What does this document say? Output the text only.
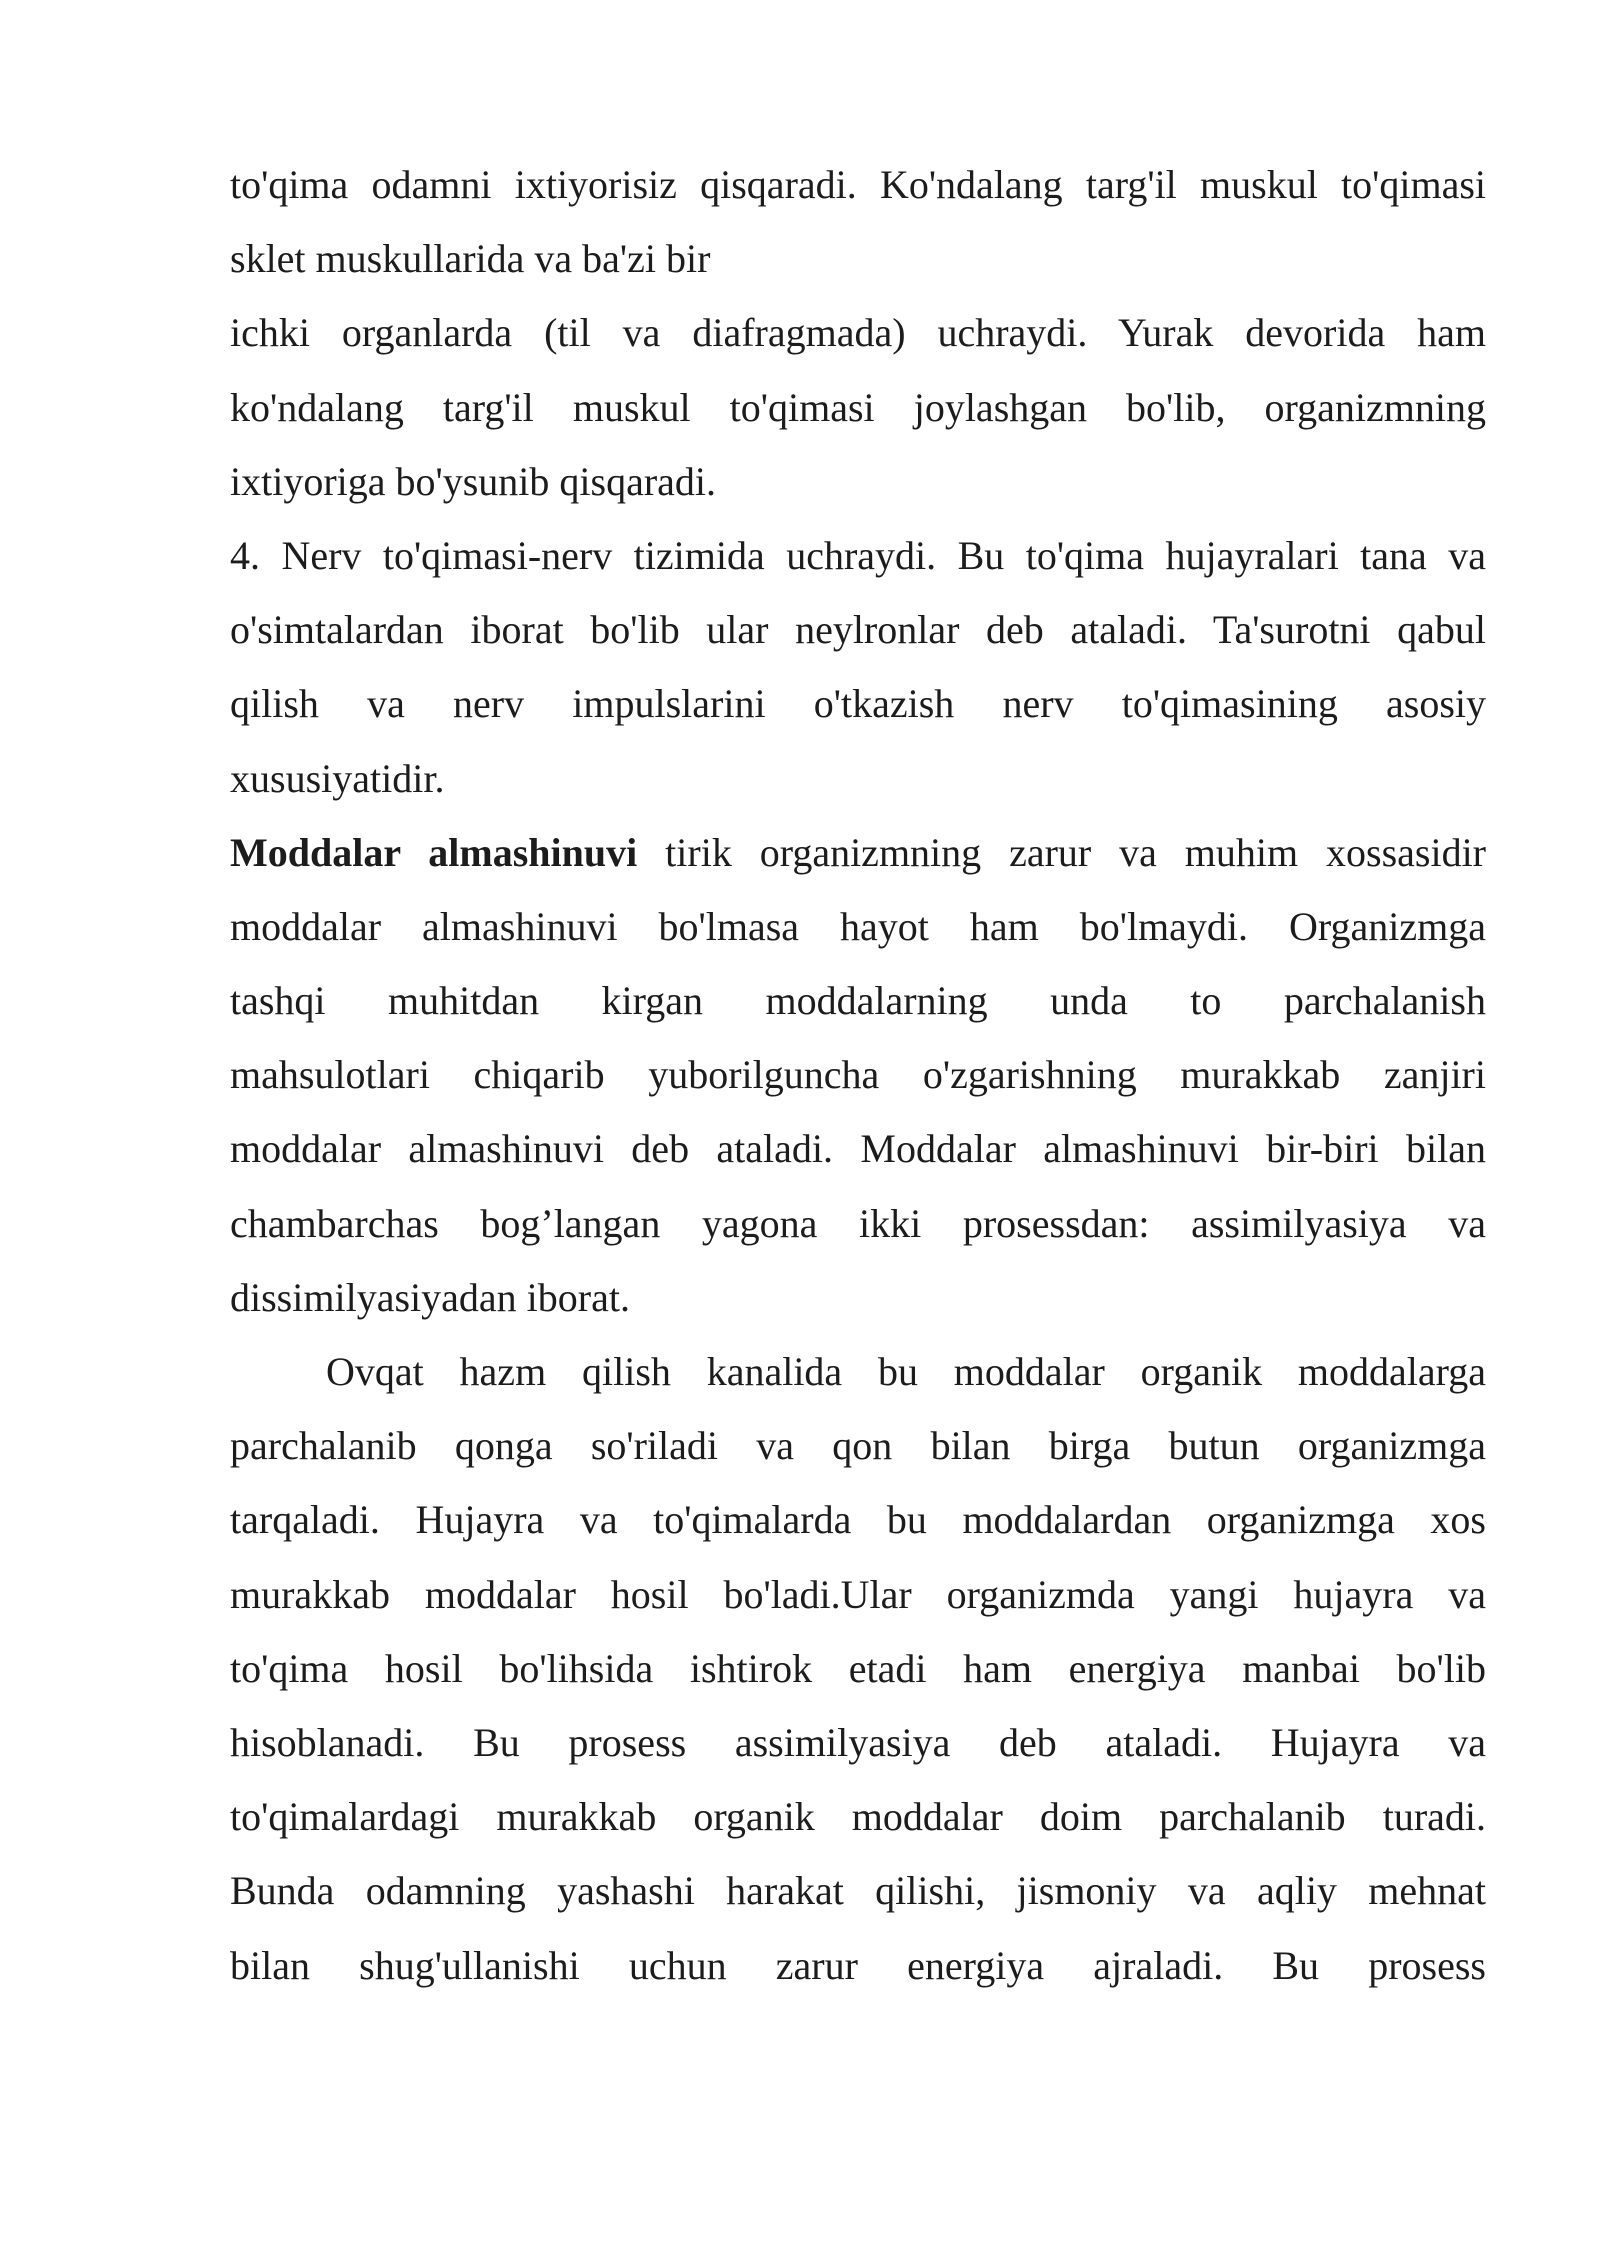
to'qima odamni ixtiyorisiz qisqaradi. Ko'ndalang targ'il muskul to'qimasi
sklet muskullarida va ba'zi bir
ichki organlarda (til va diafragmada) uchraydi. Yurak devorida ham
ko'ndalang targ'il muskul to'qimasi joylashgan bo'lib, organizmning
ixtiyoriga bo'ysunib qisqaradi.
4. Nerv to'qimasi-nerv tizimida uchraydi. Bu to'qima hujayralari tana va
o'simtalardan iborat bo'lib ular neylronlar deb ataladi. Ta'surotni qabul
qilish va nerv impulslarini o'tkazish nerv to'qimasining asosiy
xususiyatidir.
Moddalar almashinuvi tirik organizmning zarur va muhim xossasidir
moddalar almashinuvi bo'lmasa hayot ham bo'lmaydi. Organizmga
tashqi muhitdan kirgan moddalarning unda to parchalanish
mahsulotlari chiqarib yuborilguncha o'zgarishning murakkab zanjiri
moddalar almashinuvi deb ataladi. Moddalar almashinuvi bir-biri bilan
chambarchas bog’langan yagona ikki prosessdan: assimilyasiya va
dissimilyasiyadan iborat.
Ovqat hazm qilish kanalida bu moddalar organik moddalarga
parchalanib qonga so'riladi va qon bilan birga butun organizmga
tarqaladi. Hujayra va to'qimalarda bu moddalardan organizmga xos
murakkab moddalar hosil bo'ladi.Ular organizmda yangi hujayra va
to'qima hosil bo'lihsida ishtirok etadi ham energiya manbai bo'lib
hisoblanadi. Bu prosess assimilyasiya deb ataladi. Hujayra va
to'qimalardagi murakkab organik moddalar doim parchalanib turadi.
Bunda odamning yashashi harakat qilishi, jismoniy va aqliy mehnat
bilan shug'ullanishi uchun zarur energiya ajraladi. Bu prosess
